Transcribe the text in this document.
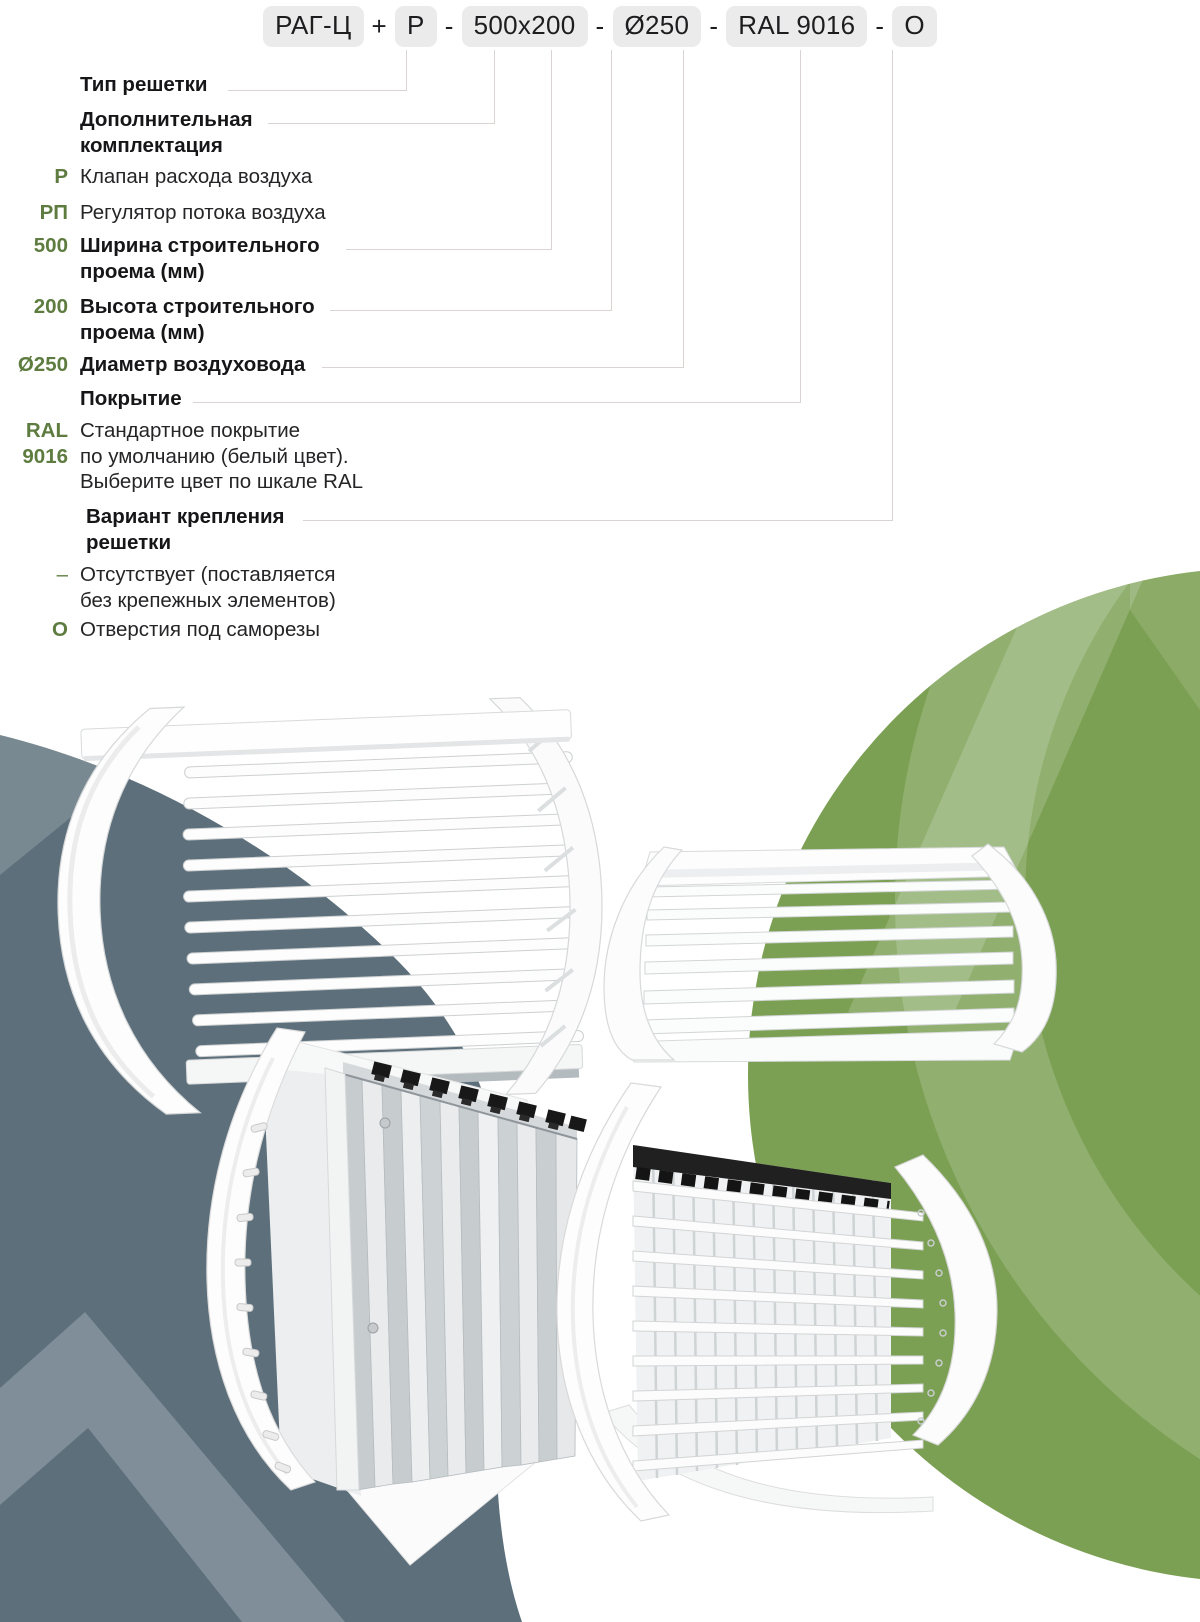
РАГ-Ц + Р - 500x200 - Ø250 - RAL 9016 - О
Тип решетки
Дополнительная
комплектация
Р Клапан расхода воздуха
РП Регулятор потока воздуха
500 Ширина строительного
проема (мм)
200 Высота строительного
проема (мм)
Ø250 Диаметр воздуховода
Покрытие
RAL
9016
Стандартное покрытие
по умолчанию (белый цвет).
Выберите цвет по шкале RAL
Вариант крепления
решетки
– Отсутствует (поставляется
без крепежных элементов)
О Отверстия под саморезы
